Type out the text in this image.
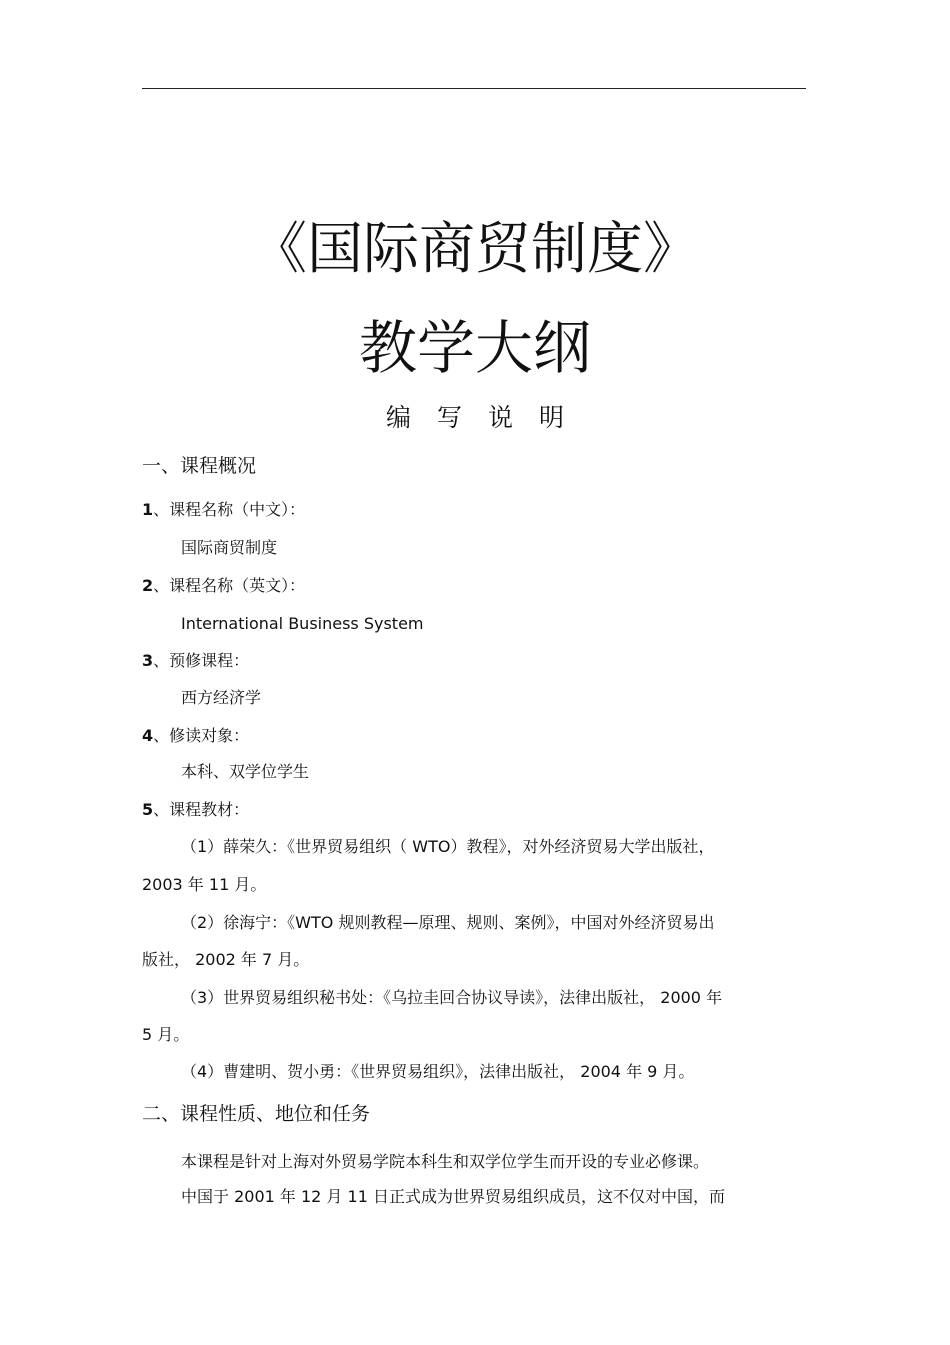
《国际商贸制度》
教学大纲
编写说明
一、课程概况
1、课程名称（中文）：
国际商贸制度
2、课程名称（英文）：
International Business System
3、预修课程：
西方经济学
4、修读对象：
本科、双学位学生
5、课程教材：
（1）薛荣久：《世界贸易组织（ WTO）教程》，对外经济贸易大学出版社，
2003 年 11 月。
（2）徐海宁：《WTO 规则教程—原理、规则、案例》，中国对外经济贸易出
版社， 2002 年 7 月。
（3）世界贸易组织秘书处：《乌拉圭回合协议导读》，法律出版社， 2000 年
5 月。
（4）曹建明、贺小勇：《世界贸易组织》，法律出版社， 2004 年 9 月。
二、课程性质、地位和任务
本课程是针对上海对外贸易学院本科生和双学位学生而开设的专业必修课。
中国于 2001 年 12 月 11 日正式成为世界贸易组织成员，这不仅对中国，而
